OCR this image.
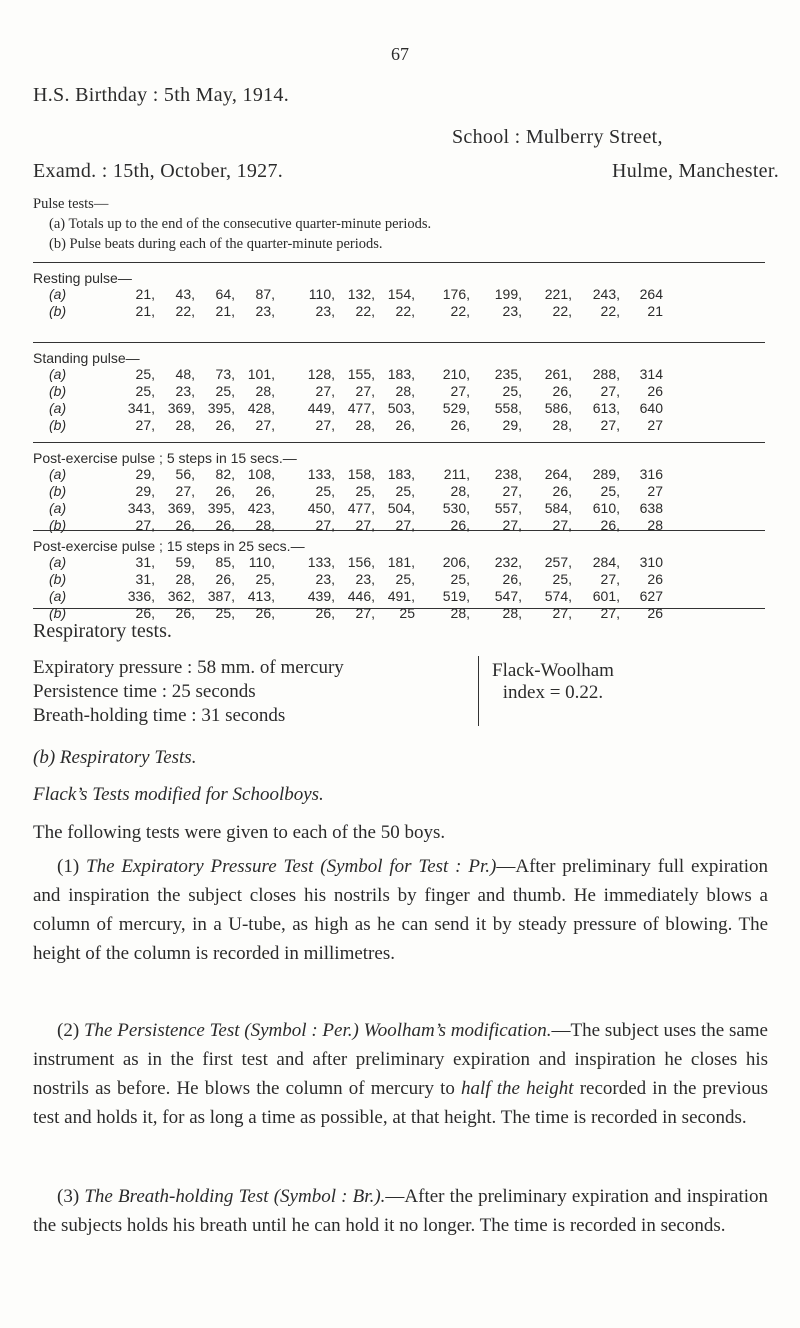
67
H.S. Birthday : 5th May, 1914.
School : Mulberry Street,
Examd. : 15th, October, 1927.	Hulme, Manchester.
Pulse tests—
(a) Totals up to the end of the consecutive quarter-minute periods.
(b) Pulse beats during each of the quarter-minute periods.
Resting pulse—
(a)	21,	43,	64,	87,	110, 132, 154,	176,	199,	221,	243,	264
(b)	21,	22,	21,	23,	23,	22,	22,	22,	23,	22,	22,	21
Standing pulse—
(a)	25,	48,	73, 101,	128, 155, 183,	210,	235,	261,	288,	314
(b)	25,	23,	25,	28,	27,	27,	28,	27,	25,	26,	27,	26
(a)	341, 369, 395, 428,	449, 477, 503,	529,	558,	586,	613,	640
(b)	27,	28,	26,	27,	27,	28,	26,	26,	29,	28,	27,	27
Post-exercise pulse ; 5 steps in 15 secs.—
(a)	29,	56,	82, 108,	133, 158, 183,	211,	238,	264,	289,	316
(b)	29,	27,	26,	26,	25,	25,	25,	28,	27,	26,	25,	27
(a)	343, 369, 395, 423,	450, 477, 504,	530,	557,	584,	610,	638
(b)	27,	26,	26,	28,	27,	27,	27,	26,	27,	27,	26,	28
Post-exercise pulse ; 15 steps in 25 secs.—
(a)	31,	59,	85, 110,	133, 156, 181,	206,	232,	257,	284,	310
(b)	31,	28,	26,	25,	23,	23,	25,	25,	26,	25,	27,	26
(a)	336, 362, 387, 413,	439, 446, 491,	519,	547,	574,	601,	627
(b)	26,	26,	25,	26,	26,	27,	25	28,	28,	27,	27,	26
Respiratory tests.
Expiratory pressure : 58 mm. of mercury
Persistence time : 25 seconds
Breath-holding time : 31 seconds
Flack-Woolham
index = 0.22.
(b) Respiratory Tests.
Flack’s Tests modified for Schoolboys.
The following tests were given to each of the 50 boys.
(1) The Expiratory Pressure Test (Symbol for Test : Pr.)—After preliminary full expiration and inspiration the subject closes his nostrils by finger and thumb. He immediately blows a column of mercury, in a U-tube, as high as he can send it by steady pressure of blowing. The height of the column is recorded in millimetres.
(2) The Persistence Test (Symbol : Per.) Woolham’s modification.—The subject uses the same instrument as in the first test and after preliminary expiration and inspiration he closes his nostrils as before. He blows the column of mercury to half the height recorded in the previous test and holds it, for as long a time as possible, at that height. The time is recorded in seconds.
(3) The Breath-holding Test (Symbol : Br.).—After the preliminary expiration and inspiration the subjects holds his breath until he can hold it no longer. The time is recorded in seconds.
